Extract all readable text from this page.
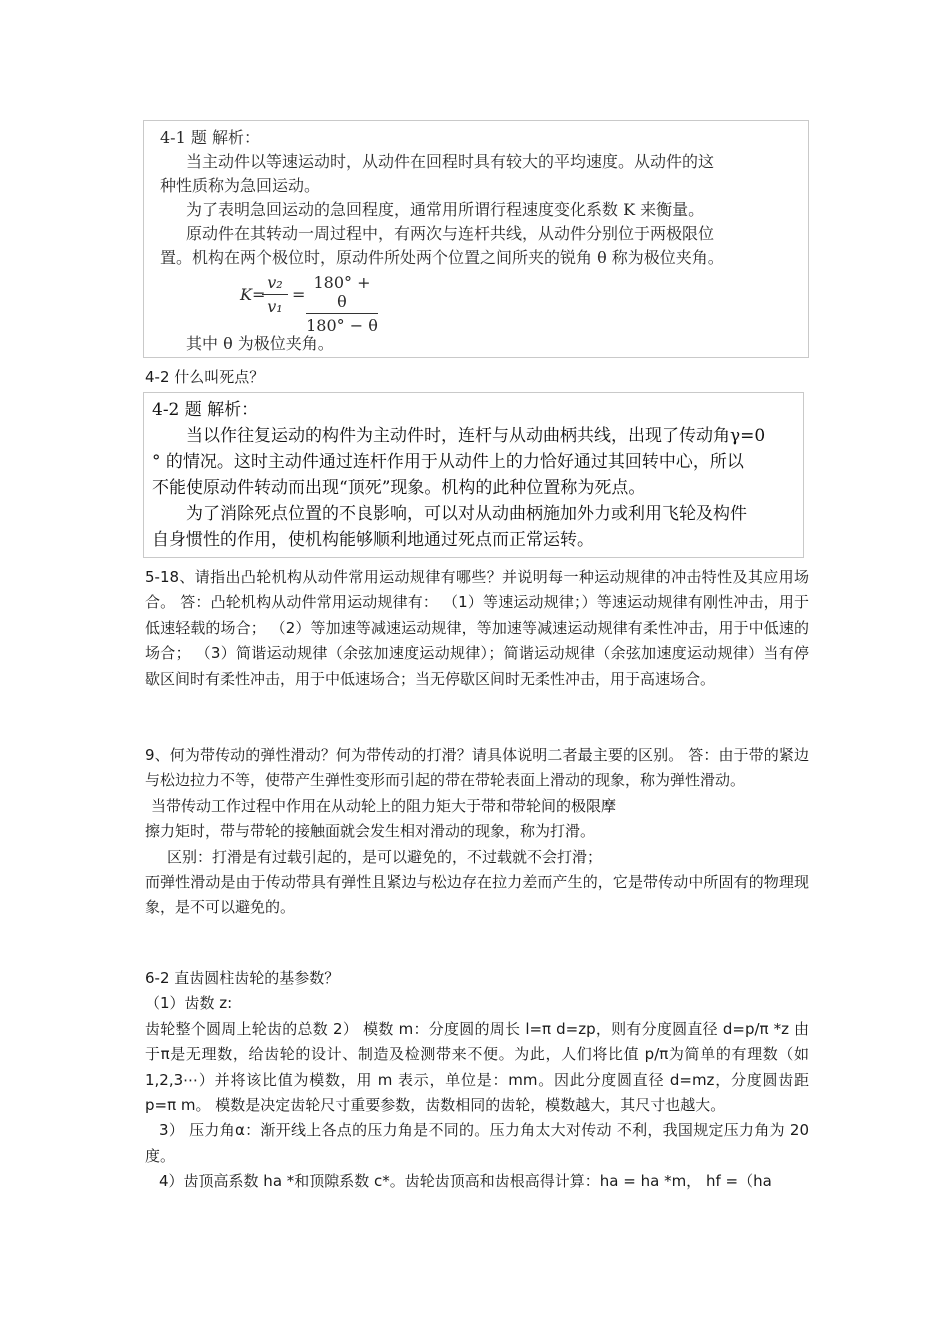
4-1 题 解析：
当主动件以等速运动时，从动件在回程时具有较大的平均速度。从动件的这
种性质称为急回运动。
为了表明急回运动的急回程度，通常用所谓行程速度变化系数 K 来衡量。
原动件在其转动一周过程中，有两次与连杆共线，从动件分别位于两极限位
置。机构在两个极位时，原动件所处两个位置之间所夹的锐角 θ 称为极位夹角。
K =
$\frac{\text{v₂}}{\text{v₁}} = \frac{180^\circ + \theta}{180^\circ - \theta}$
其中 θ 为极位夹角。

4-2 什么叫死点？

4-2 题 解析：
当以作往复运动的构件为主动件时，连杆与从动曲柄共线，出现了传动角γ=0
° 的情况。这时主动件通过连杆作用于从动件上的力恰好通过其回转中心，所以
不能使原动件转动而出现“顶死”现象。机构的此种位置称为死点。
为了消除死点位置的不良影响，可以对从动曲柄施加外力或利用飞轮及构件
自身惯性的作用，使机构能够顺利地通过死点而正常运转。

5-18、请指出凸轮机构从动件常用运动规律有哪些？并说明每一种运动规律的冲击特性及其应用场合。 答：凸轮机构从动件常用运动规律有： （1）等速运动规律；）等速运动规律有刚性冲击，用于低速轻载的场合； （2）等加速等减速运动规律，等加速等减速运动规律有柔性冲击，用于中低速的场合； （3）简谐运动规律（余弦加速度运动规律）；简谐运动规律（余弦加速度运动规律）当有停歇区间时有柔性冲击，用于中低速场合；当无停歇区间时无柔性冲击，用于高速场合。

9、何为带传动的弹性滑动？何为带传动的打滑？请具体说明二者最主要的区别。 答：由于带的紧边与松边拉力不等，使带产生弹性变形而引起的带在带轮表面上滑动的现象，称为弹性滑动。

当带传动工作过程中作用在从动轮上的阻力矩大于带和带轮间的极限摩

擦力矩时，带与带轮的接触面就会发生相对滑动的现象，称为打滑。

区别：打滑是有过载引起的，是可以避免的，不过载就不会打滑；

而弹性滑动是由于传动带具有弹性且紧边与松边存在拉力差而产生的，它是带传动中所固有的物理现象，是不可以避免的。

6-2 直齿圆柱齿轮的基参数？

（1）齿数 z:

齿轮整个圆周上轮齿的总数 2） 模数 m：分度圆的周长 l=π d=zp，则有分度圆直径 d=p/π *z 由于π是无理数，给齿轮的设计、制造及检测带来不便。为此，人们将比值 p/π为简单的有理数（如 1,2,3⋯）并将该比值为模数，用 m 表示，单位是：mm。因此分度圆直径 d=mz，分度圆齿距 p=π m。 模数是决定齿轮尺寸重要参数，齿数相同的齿轮，模数越大，其尺寸也越大。

3） 压力角α：渐开线上各点的压力角是不同的。压力角太大对传动 不利，我国规定压力角为 20 度。

4）齿顶高系数 ha *和顶隙系数 c*。齿轮齿顶高和齿根高得计算：ha = ha *m， hf =（ha
